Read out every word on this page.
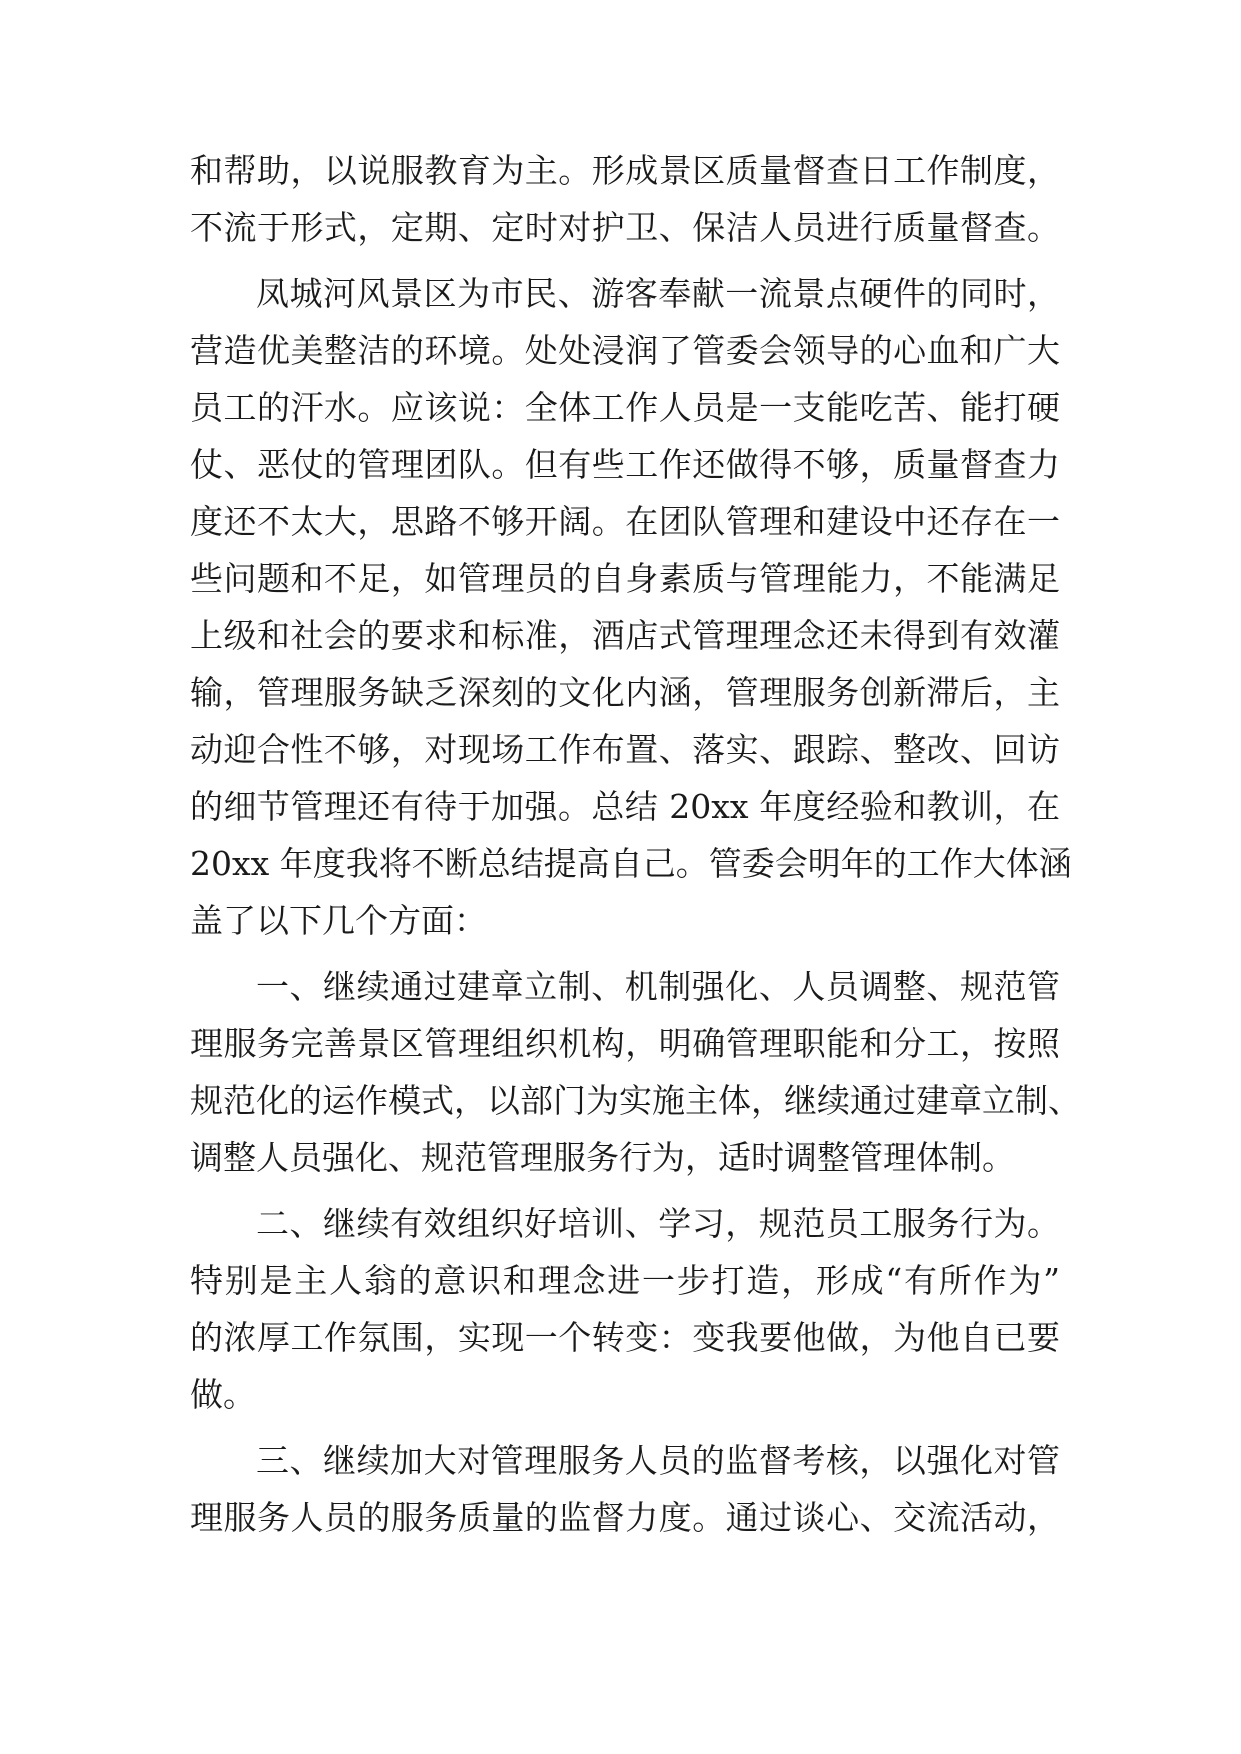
和帮助，以说服教育为主。形成景区质量督查日工作制度，
不流于形式，定期、定时对护卫、保洁人员进行质量督查。
凤城河风景区为市民、游客奉献一流景点硬件的同时，
营造优美整洁的环境。处处浸润了管委会领导的心血和广大
员工的汗水。应该说：全体工作人员是一支能吃苦、能打硬
仗、恶仗的管理团队。但有些工作还做得不够，质量督查力
度还不太大，思路不够开阔。在团队管理和建设中还存在一
些问题和不足，如管理员的自身素质与管理能力，不能满足
上级和社会的要求和标准，酒店式管理理念还未得到有效灌
输，管理服务缺乏深刻的文化内涵，管理服务创新滞后，主
动迎合性不够，对现场工作布置、落实、跟踪、整改、回访
的细节管理还有待于加强。总结 20xx 年度经验和教训，在
20xx 年度我将不断总结提高自己。管委会明年的工作大体涵
盖了以下几个方面：
一、继续通过建章立制、机制强化、人员调整、规范管
理服务完善景区管理组织机构，明确管理职能和分工，按照
规范化的运作模式，以部门为实施主体，继续通过建章立制、
调整人员强化、规范管理服务行为，适时调整管理体制。
二、继续有效组织好培训、学习，规范员工服务行为。
特别是主人翁的意识和理念进一步打造，形成“有所作为”
的浓厚工作氛围，实现一个转变：变我要他做，为他自已要
做。
三、继续加大对管理服务人员的监督考核，以强化对管
理服务人员的服务质量的监督力度。通过谈心、交流活动，
